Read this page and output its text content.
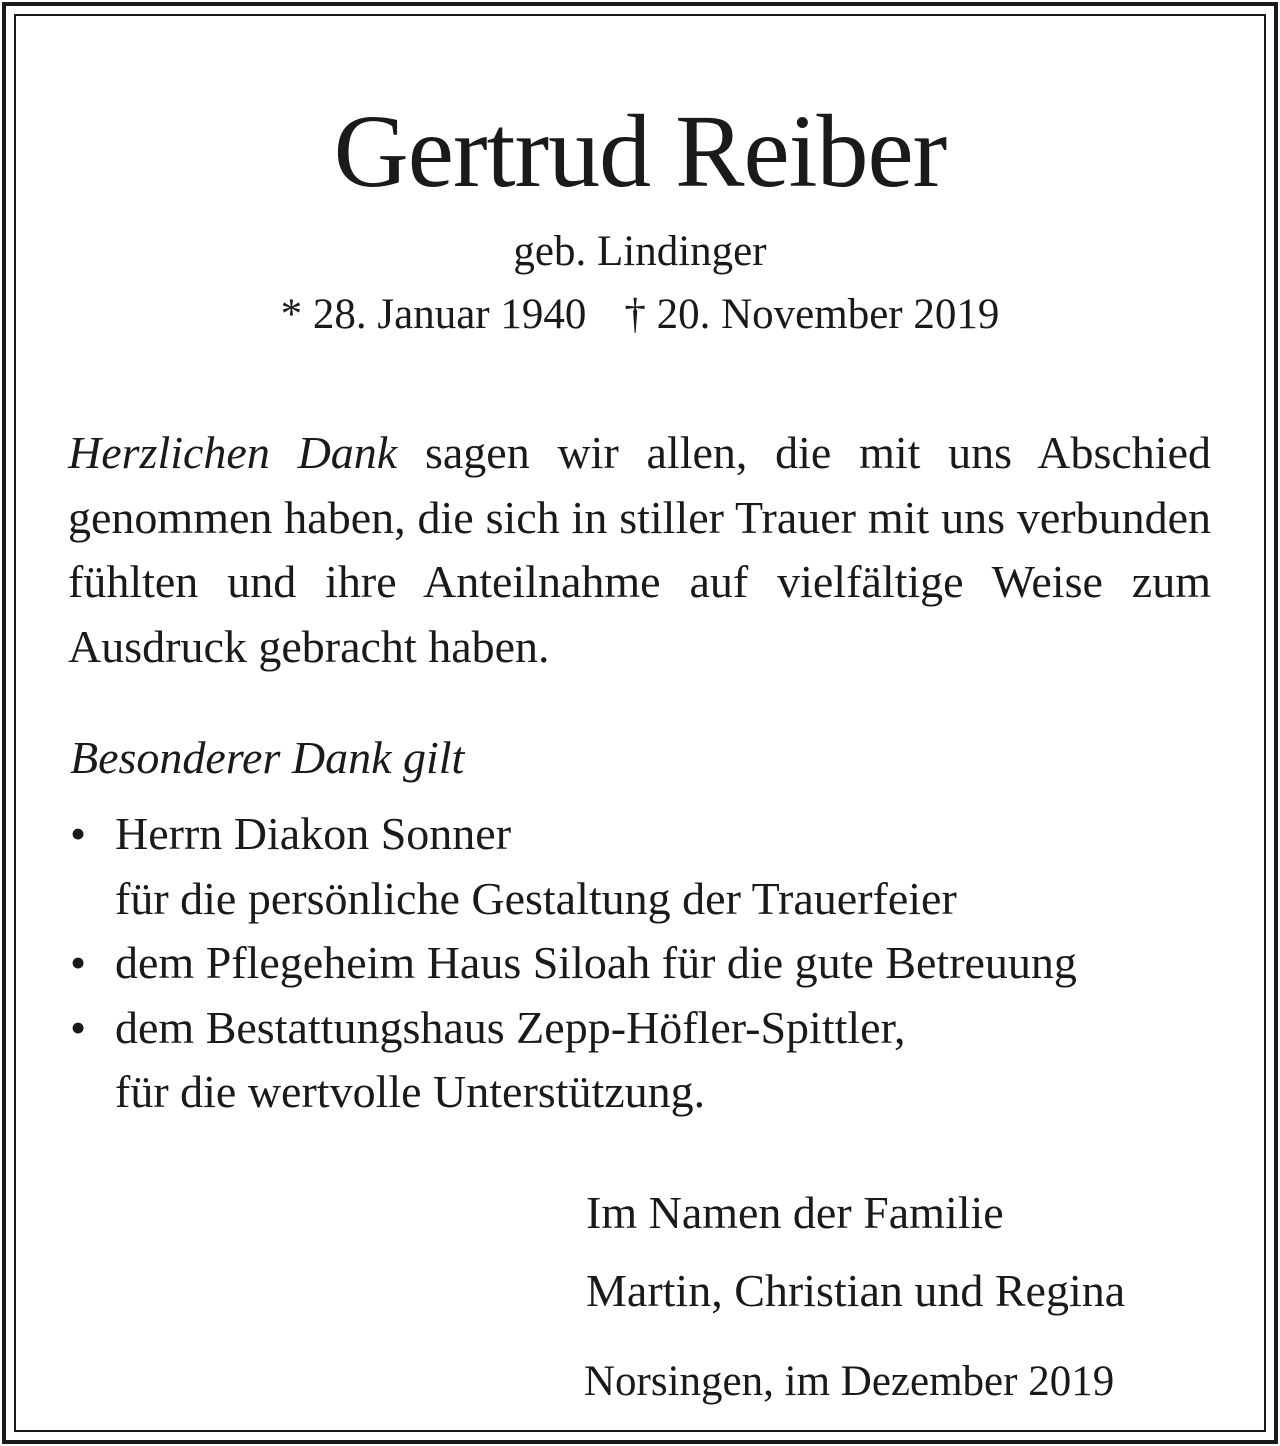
Gertrud Reiber
geb. Lindinger
* 28. Januar 1940 † 20. November 2019

Herzlichen Dank sagen wir allen, die mit uns Abschied genommen haben, die sich in stiller Trauer mit uns verbunden fühlten und ihre Anteilnahme auf vielfältige Weise zum Ausdruck gebracht haben.

Besonderer Dank gilt
• Herrn Diakon Sonner
für die persönliche Gestaltung der Trauerfeier
• dem Pflegeheim Haus Siloah für die gute Betreuung
• dem Bestattungshaus Zepp-Höfler-Spittler,
für die wertvolle Unterstützung.
Im Namen der Familie
Martin, Christian und Regina
Norsingen, im Dezember 2019
